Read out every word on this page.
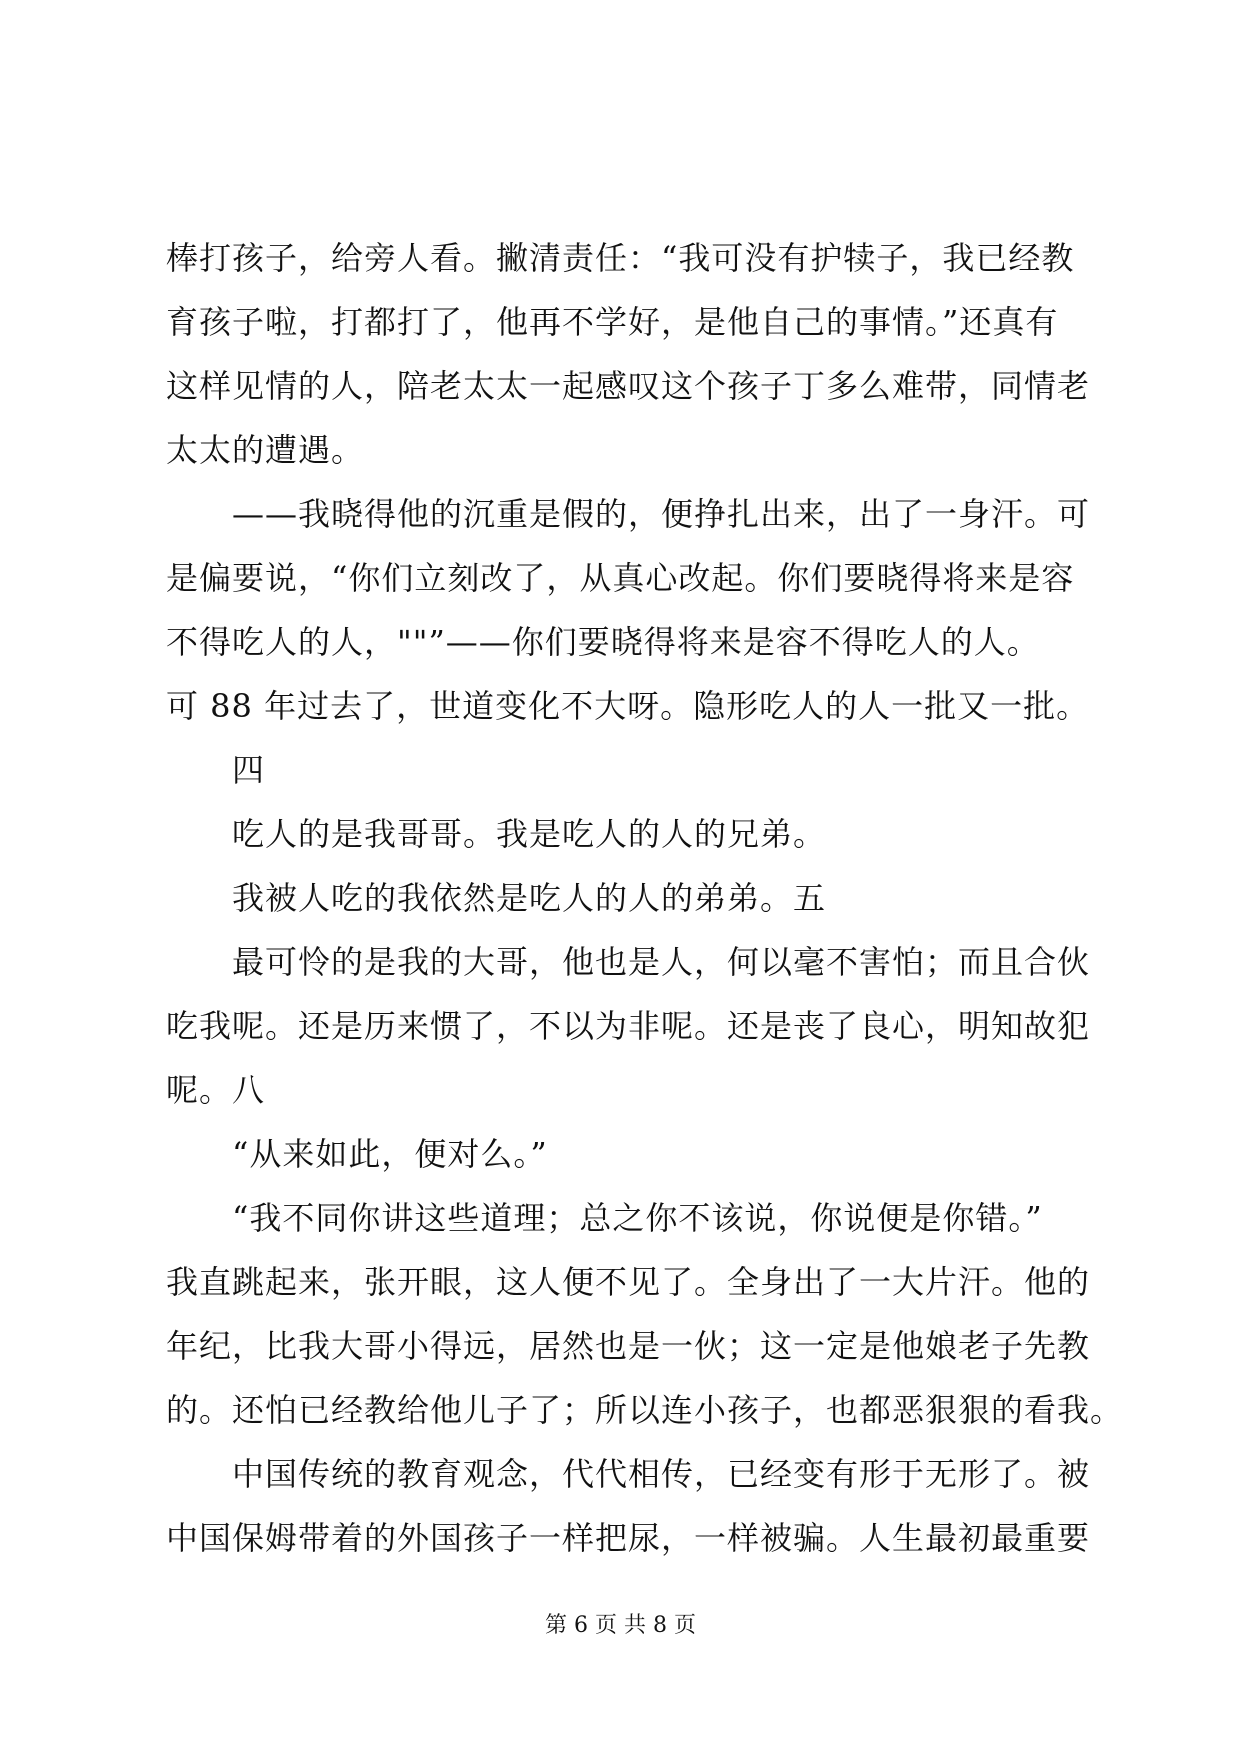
棒打孩子，给旁人看。撇清责任：“我可没有护犊子，我已经教
育孩子啦，打都打了，他再不学好，是他自己的事情。”还真有
这样见情的人，陪老太太一起感叹这个孩子丁多么难带，同情老
太太的遭遇。
——我晓得他的沉重是假的，便挣扎出来，出了一身汗。可
是偏要说，“你们立刻改了，从真心改起。你们要晓得将来是容
不得吃人的人，""”——你们要晓得将来是容不得吃人的人。
可 88 年过去了，世道变化不大呀。隐形吃人的人一批又一批。
四
吃人的是我哥哥。我是吃人的人的兄弟。
我被人吃的我依然是吃人的人的弟弟。五
最可怜的是我的大哥，他也是人，何以毫不害怕；而且合伙
吃我呢。还是历来惯了，不以为非呢。还是丧了良心，明知故犯
呢。八
“从来如此，便对么。”
“我不同你讲这些道理；总之你不该说，你说便是你错。”
我直跳起来，张开眼，这人便不见了。全身出了一大片汗。他的
年纪，比我大哥小得远，居然也是一伙；这一定是他娘老子先教
的。还怕已经教给他儿子了；所以连小孩子，也都恶狠狠的看我。
中国传统的教育观念，代代相传，已经变有形于无形了。被
中国保姆带着的外国孩子一样把尿，一样被骗。人生最初最重要
第 6 页 共 8 页
